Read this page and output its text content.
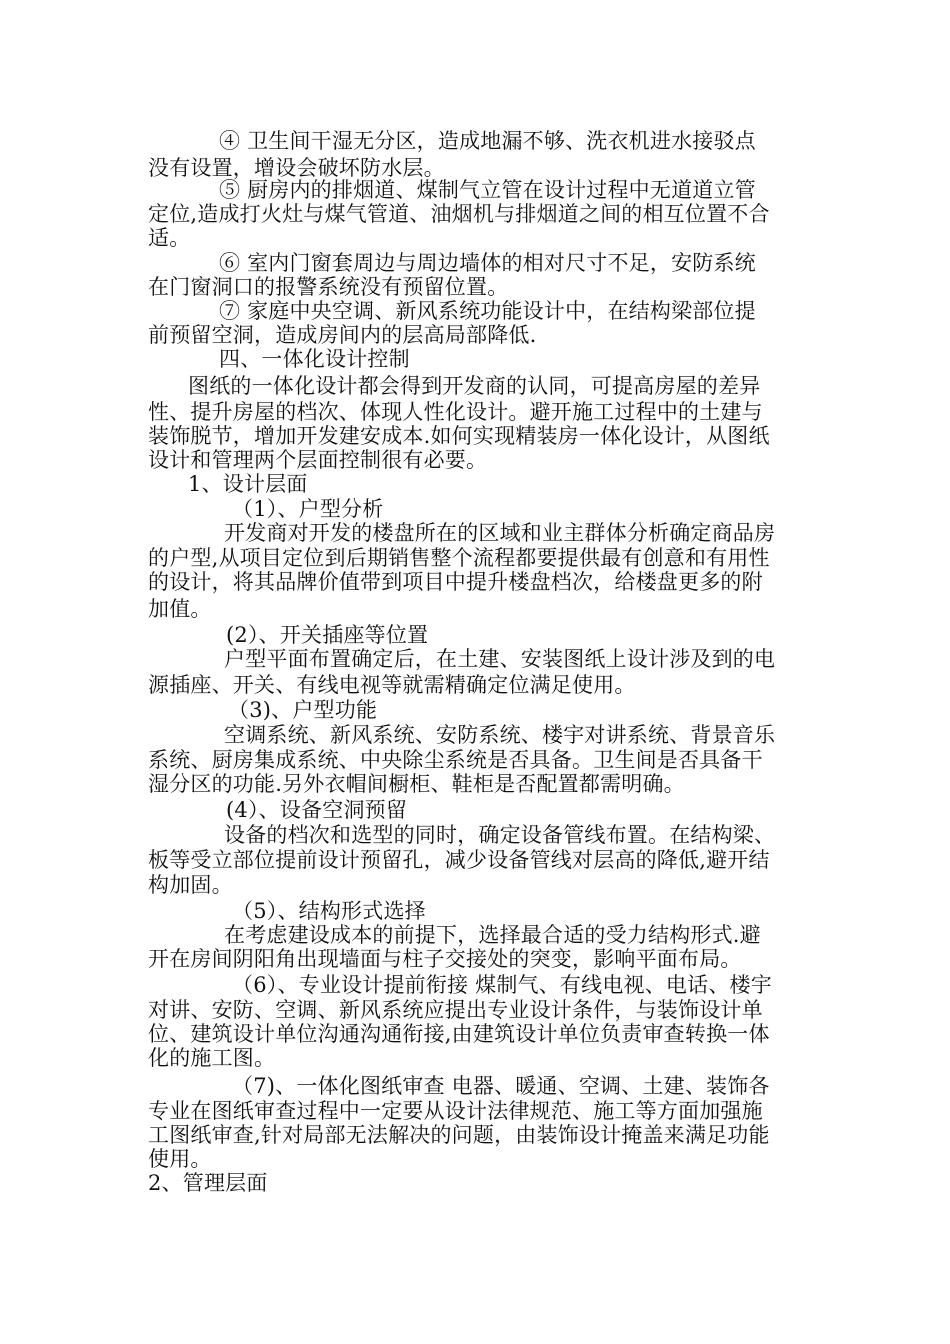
④ 卫生间干湿无分区，造成地漏不够、洗衣机进水接驳点
没有设置，增设会破坏防水层。
⑤ 厨房内的排烟道、煤制气立管在设计过程中无道道立管
定位,造成打火灶与煤气管道、油烟机与排烟道之间的相互位置不合
适。
⑥ 室内门窗套周边与周边墙体的相对尺寸不足，安防系统
在门窗洞口的报警系统没有预留位置。
⑦ 家庭中央空调、新风系统功能设计中，在结构梁部位提
前预留空洞，造成房间内的层高局部降低.
四、一体化设计控制
图纸的一体化设计都会得到开发商的认同，可提高房屋的差异
性、提升房屋的档次、体现人性化设计。避开施工过程中的土建与
装饰脱节，增加开发建安成本.如何实现精装房一体化设计，从图纸
设计和管理两个层面控制很有必要。
1、设计层面
（1）、户型分析
开发商对开发的楼盘所在的区域和业主群体分析确定商品房
的户型,从项目定位到后期销售整个流程都要提供最有创意和有用性
的设计，将其品牌价值带到项目中提升楼盘档次，给楼盘更多的附
加值。
(2）、开关插座等位置
户型平面布置确定后，在土建、安装图纸上设计涉及到的电
源插座、开关、有线电视等就需精确定位满足使用。
（3)、户型功能
空调系统、新风系统、安防系统、楼宇对讲系统、背景音乐
系统、厨房集成系统、中央除尘系统是否具备。卫生间是否具备干
湿分区的功能.另外衣帽间橱柜、鞋柜是否配置都需明确。
(4）、设备空洞预留
设备的档次和选型的同时，确定设备管线布置。在结构梁、
板等受立部位提前设计预留孔，减少设备管线对层高的降低,避开结
构加固。
（5）、结构形式选择
在考虑建设成本的前提下，选择最合适的受力结构形式.避
开在房间阴阳角出现墙面与柱子交接处的突变，影响平面布局。
（6）、专业设计提前衔接 煤制气、有线电视、电话、楼宇
对讲、安防、空调、新风系统应提出专业设计条件，与装饰设计单
位、建筑设计单位沟通沟通衔接,由建筑设计单位负责审查转换一体
化的施工图。
（7)、一体化图纸审查 电器、暖通、空调、土建、装饰各
专业在图纸审查过程中一定要从设计法律规范、施工等方面加强施
工图纸审查,针对局部无法解决的问题，由装饰设计掩盖来满足功能
使用。
2、管理层面
